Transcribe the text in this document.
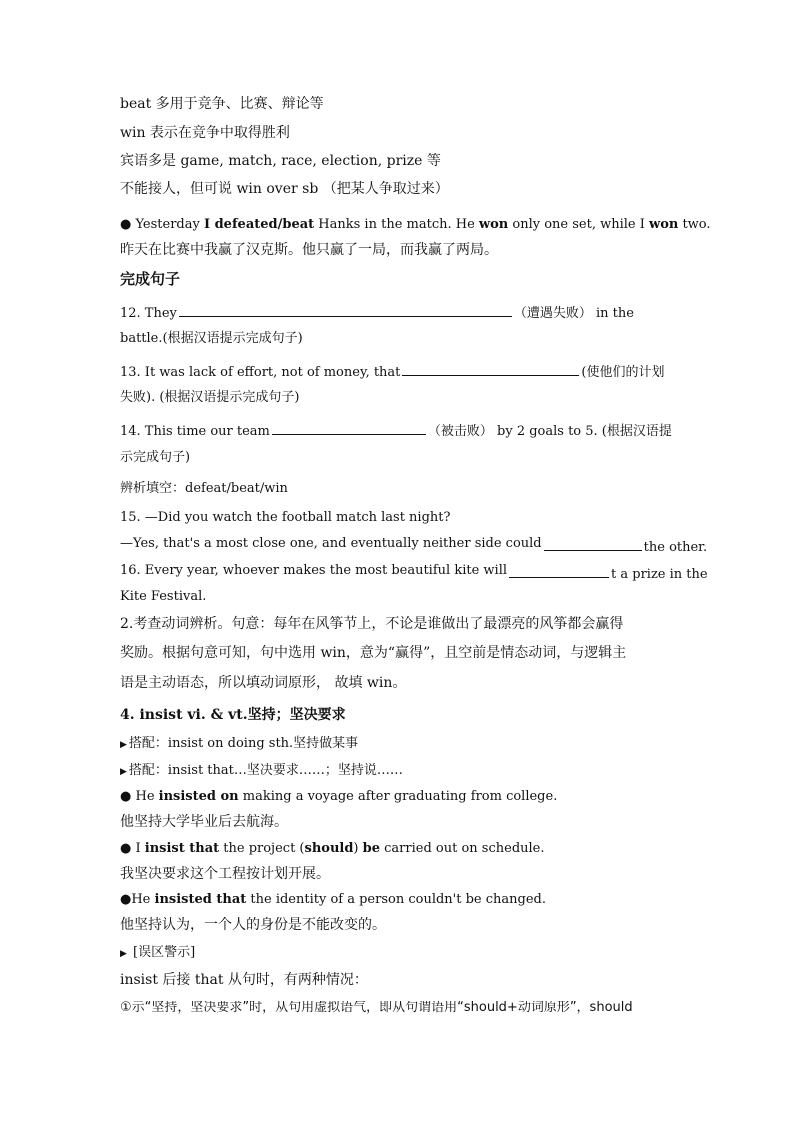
beat 多用于竞争、比赛、辩论等
win 表示在竞争中取得胜利
宾语多是 game, match, race, election, prize 等
不能接人，但可说 win over sb （把某人争取过来）
● Yesterday I defeated/beat Hanks in the match. He won only one set, while I won two.
昨天在比赛中我赢了汉克斯。他只赢了一局，而我赢了两局。
完成句子
12. They	（遭遇失败） in the
battle.(根据汉语提示完成句子)
13. It was lack of effort, not of money, that	(使他们的计划
失败). (根据汉语提示完成句子)
14. This time our team	（被击败） by 2 goals to 5. (根据汉语提
示完成句子)
辨析填空：defeat/beat/win
15. —Did you watch the football match last night?
—Yes, that's a most close one, and eventually neither side could	the other.
16. Every year, whoever makes the most beautiful kite will	t a prize in the
Kite Festival.
2.考查动词辨析。句意：每年在风筝节上，不论是谁做出了最漂亮的风筝都会赢得
奖励。根据句意可知，句中选用 win，意为“赢得”，且空前是情态动词，与逻辑主
语是主动语态，所以填动词原形， 故填 win。
4. insist vi. & vt.坚持；坚决要求
▶ 搭配：insist on doing sth.坚持做某事
▶ 搭配：insist that…坚决要求……；坚持说……
● He insisted on making a voyage after graduating from college.
他坚持大学毕业后去航海。
● I insist that the project (should) be carried out on schedule.
我坚决要求这个工程按计划开展。
●He insisted that the identity of a person couldn't be changed.
他坚持认为，一个人的身份是不能改变的。
▶ [误区警示]
insist 后接 that 从句时，有两种情况：
①示“坚持，坚决要求”时，从句用虚拟语气，即从句谓语用“should+动词原形”，should
